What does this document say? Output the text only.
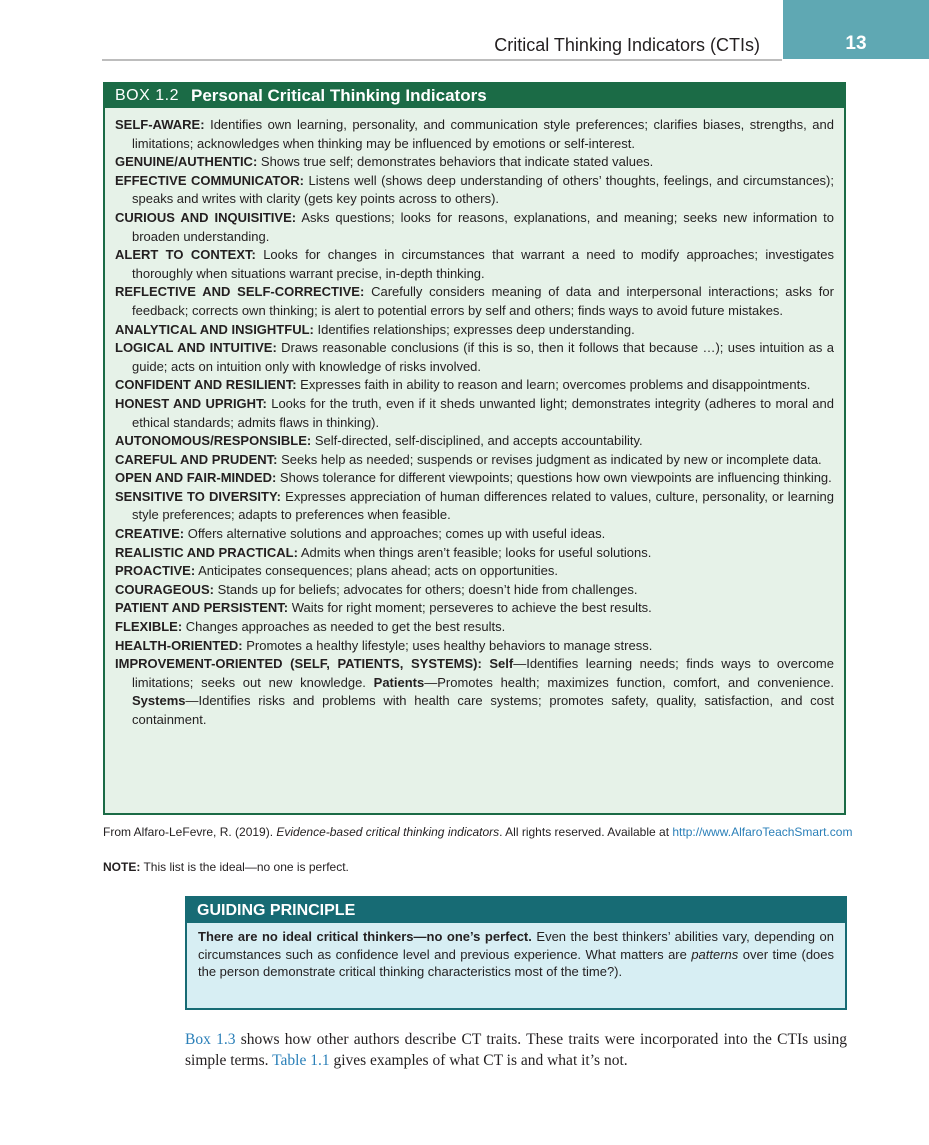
Critical Thinking Indicators (CTIs)	13
BOX 1.2 Personal Critical Thinking Indicators
SELF-AWARE: Identifies own learning, personality, and communication style preferences; clarifies biases, strengths, and limitations; acknowledges when thinking may be influenced by emotions or self-interest.
GENUINE/AUTHENTIC: Shows true self; demonstrates behaviors that indicate stated values.
EFFECTIVE COMMUNICATOR: Listens well (shows deep understanding of others’ thoughts, feelings, and circumstances); speaks and writes with clarity (gets key points across to others).
CURIOUS AND INQUISITIVE: Asks questions; looks for reasons, explanations, and meaning; seeks new information to broaden understanding.
ALERT TO CONTEXT: Looks for changes in circumstances that warrant a need to modify approaches; investigates thoroughly when situations warrant precise, in-depth thinking.
REFLECTIVE AND SELF-CORRECTIVE: Carefully considers meaning of data and interpersonal interactions; asks for feedback; corrects own thinking; is alert to potential errors by self and others; finds ways to avoid future mistakes.
ANALYTICAL AND INSIGHTFUL: Identifies relationships; expresses deep understanding.
LOGICAL AND INTUITIVE: Draws reasonable conclusions (if this is so, then it follows that because …); uses intuition as a guide; acts on intuition only with knowledge of risks involved.
CONFIDENT AND RESILIENT: Expresses faith in ability to reason and learn; overcomes problems and disappointments.
HONEST AND UPRIGHT: Looks for the truth, even if it sheds unwanted light; demonstrates integrity (adheres to moral and ethical standards; admits flaws in thinking).
AUTONOMOUS/RESPONSIBLE: Self-directed, self-disciplined, and accepts accountability.
CAREFUL AND PRUDENT: Seeks help as needed; suspends or revises judgment as indicated by new or incomplete data.
OPEN AND FAIR-MINDED: Shows tolerance for different viewpoints; questions how own viewpoints are influencing thinking.
SENSITIVE TO DIVERSITY: Expresses appreciation of human differences related to values, culture, personality, or learning style preferences; adapts to preferences when feasible.
CREATIVE: Offers alternative solutions and approaches; comes up with useful ideas.
REALISTIC AND PRACTICAL: Admits when things aren’t feasible; looks for useful solutions.
PROACTIVE: Anticipates consequences; plans ahead; acts on opportunities.
COURAGEOUS: Stands up for beliefs; advocates for others; doesn’t hide from challenges.
PATIENT AND PERSISTENT: Waits for right moment; perseveres to achieve the best results.
FLEXIBLE: Changes approaches as needed to get the best results.
HEALTH-ORIENTED: Promotes a healthy lifestyle; uses healthy behaviors to manage stress.
IMPROVEMENT-ORIENTED (SELF, PATIENTS, SYSTEMS): Self—Identifies learning needs; finds ways to overcome limitations; seeks out new knowledge. Patients—Promotes health; maximizes function, comfort, and convenience. Systems—Identifies risks and problems with health care systems; promotes safety, quality, satisfaction, and cost containment.
From Alfaro-LeFevre, R. (2019). Evidence-based critical thinking indicators. All rights reserved. Available at http://www.AlfaroTeachSmart.com
NOTE: This list is the ideal—no one is perfect.
GUIDING PRINCIPLE
There are no ideal critical thinkers—no one’s perfect. Even the best thinkers’ abilities vary, depending on circumstances such as confidence level and previous experience. What matters are patterns over time (does the person demonstrate critical thinking characteristics most of the time?).
Box 1.3 shows how other authors describe CT traits. These traits were incorporated into the CTIs using simple terms. Table 1.1 gives examples of what CT is and what it’s not.
